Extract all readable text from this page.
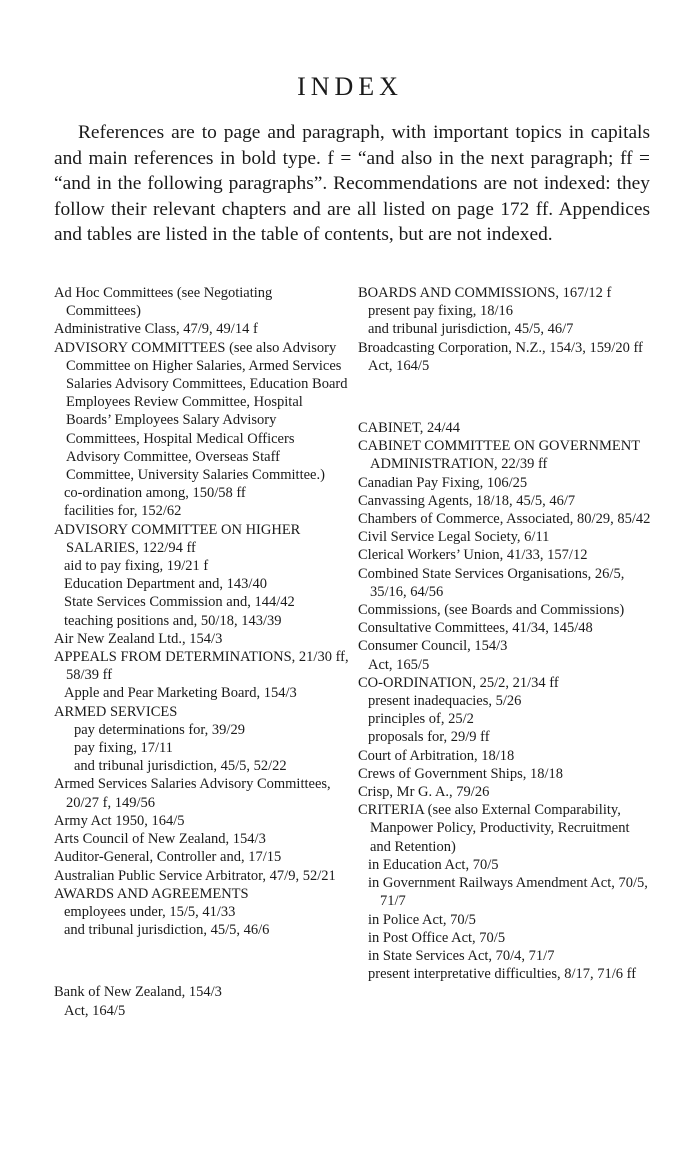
INDEX

References are to page and paragraph, with important topics in capitals and main references in bold type. f = “and also in the next paragraph; ff = “and in the following paragraphs”. Recommendations are not indexed: they follow their relevant chapters and are all listed on page 172 ff. Appendices and tables are listed in the table of contents, but are not indexed.

Ad Hoc Committees (see Negotiating Committees)

Administrative Class, 47/9, 49/14 f

ADVISORY COMMITTEES (see also Advisory Committee on Higher Salaries, Armed Services Salaries Advisory Committees, Education Board Employees Review Committee, Hospital Boards’ Employees Salary Advisory Committees, Hospital Medical Officers Advisory Committee, Overseas Staff Committee, University Salaries Committee.)

co-ordination among, 150/58 ff

facilities for, 152/62

ADVISORY COMMITTEE ON HIGHER SALARIES, 122/94 ff

aid to pay fixing, 19/21 f

Education Department and, 143/40

State Services Commission and, 144/42

teaching positions and, 50/18, 143/39

Air New Zealand Ltd., 154/3

APPEALS FROM DETERMINATIONS, 21/30 ff, 58/39 ff

Apple and Pear Marketing Board, 154/3

ARMED SERVICES

pay determinations for, 39/29

pay fixing, 17/11

and tribunal jurisdiction, 45/5, 52/22

Armed Services Salaries Advisory Committees, 20/27 f, 149/56

Army Act 1950, 164/5

Arts Council of New Zealand, 154/3

Auditor-General, Controller and, 17/15

Australian Public Service Arbitrator, 47/9, 52/21

AWARDS AND AGREEMENTS

employees under, 15/5, 41/33

and tribunal jurisdiction, 45/5, 46/6

Bank of New Zealand, 154/3

Act, 164/5

BOARDS AND COMMISSIONS, 167/12 f

present pay fixing, 18/16

and tribunal jurisdiction, 45/5, 46/7

Broadcasting Corporation, N.Z., 154/3, 159/20 ff

Act, 164/5

CABINET, 24/44

CABINET COMMITTEE ON GOVERNMENT ADMINISTRATION, 22/39 ff

Canadian Pay Fixing, 106/25

Canvassing Agents, 18/18, 45/5, 46/7

Chambers of Commerce, Associated, 80/29, 85/42

Civil Service Legal Society, 6/11

Clerical Workers’ Union, 41/33, 157/12

Combined State Services Organisations, 26/5, 35/16, 64/56

Commissions, (see Boards and Commissions)

Consultative Committees, 41/34, 145/48

Consumer Council, 154/3

Act, 165/5

CO-ORDINATION, 25/2, 21/34 ff

present inadequacies, 5/26

principles of, 25/2

proposals for, 29/9 ff

Court of Arbitration, 18/18

Crews of Government Ships, 18/18

Crisp, Mr G. A., 79/26

CRITERIA (see also External Comparability, Manpower Policy, Productivity, Recruitment and Retention)

in Education Act, 70/5

in Government Railways Amendment Act, 70/5, 71/7

in Police Act, 70/5

in Post Office Act, 70/5

in State Services Act, 70/4, 71/7

present interpretative difficulties, 8/17, 71/6 ff
